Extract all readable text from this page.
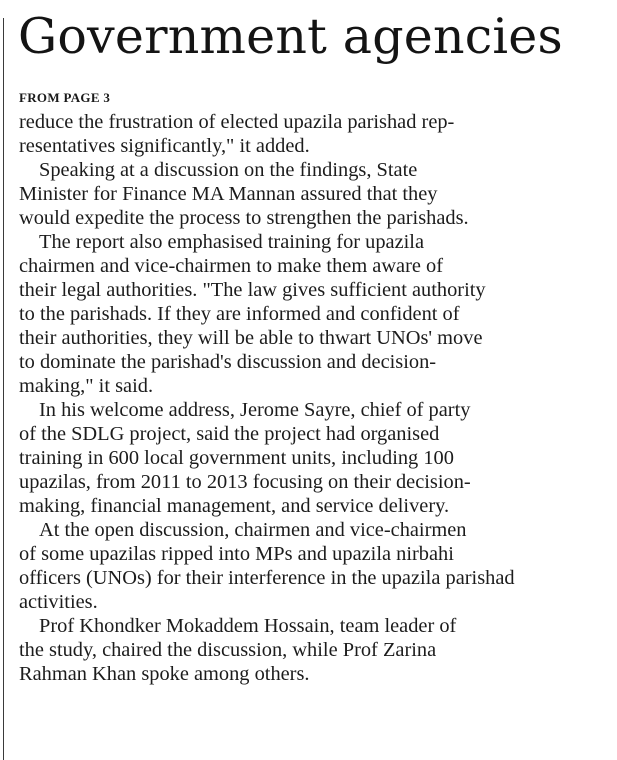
Government agencies
FROM PAGE 3

reduce the frustration of elected upazila parishad rep-
resentatives significantly," it added.

Speaking at a discussion on the findings, State
Minister for Finance MA Mannan assured that they
would expedite the process to strengthen the parishads.

The report also emphasised training for upazila
chairmen and vice-chairmen to make them aware of
their legal authorities. "The law gives sufficient authority
to the parishads. If they are informed and confident of
their authorities, they will be able to thwart UNOs' move
to dominate the parishad's discussion and decision-
making," it said.

In his welcome address, Jerome Sayre, chief of party
of the SDLG project, said the project had organised
training in 600 local government units, including 100
upazilas, from 2011 to 2013 focusing on their decision-
making, financial management, and service delivery.

At the open discussion, chairmen and vice-chairmen
of some upazilas ripped into MPs and upazila nirbahi
officers (UNOs) for their interference in the upazila parishad
activities.

Prof Khondker Mokaddem Hossain, team leader of
the study, chaired the discussion, while Prof Zarina
Rahman Khan spoke among others.
